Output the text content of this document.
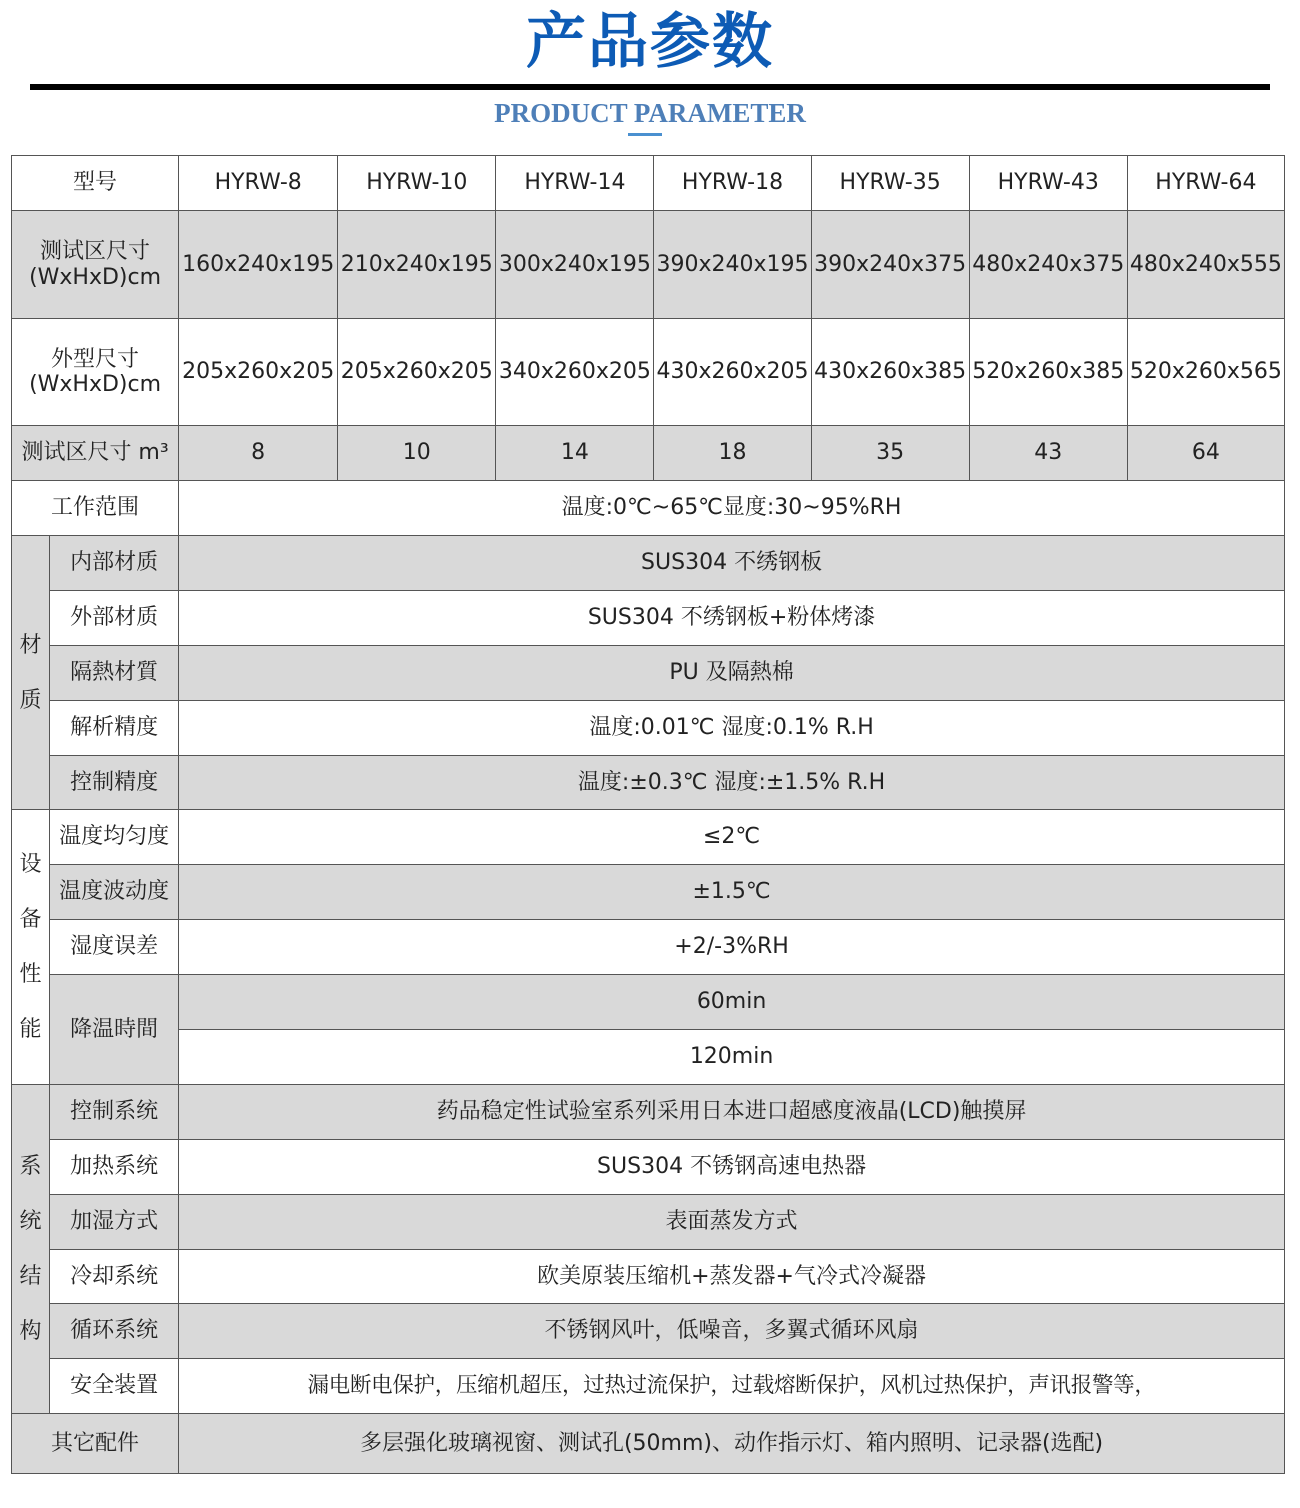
产品参数
PRODUCT PARAMETER
型号		HYRW-8	HYRW-10	HYRW-14	HYRW-18	HYRW-35	HYRW-43	HYRW-64

测试区尺寸
(WxHxD)cm		160x240x195	210x240x195	300x240x195	390x240x195	390x240x375	480x240x375	480x240x555

外型尺寸
(WxHxD)cm		205x260x205	205x260x205	340x260x205	430x260x205	430x260x385	520x260x385	520x260x565
测试区尺寸 m³		8	10	14	18	35	43	64
工作范围		温度:0℃~65℃显度:30~95%RH						

材
质	内部材质	SUS304 不绣钢板						
	外部材质	SUS304 不绣钢板+粉体烤漆						
	隔熱材質	PU 及隔熱棉						
	解析精度	温度:0.01℃ 湿度:0.1% R.H						
	控制精度	温度:±0.3℃ 湿度:±1.5% R.H						

设
备
性
能	温度均匀度	≤2℃						
	温度波动度	±1.5℃						
	湿度误差	+2/-3%RH						
	降温時間	60min						
		120min						

系
统
结
构	控制系统	药品稳定性试验室系列采用日本进口超感度液晶(LCD)触摸屏						
	加热系统	SUS304 不锈钢高速电热器						
	加湿方式	表面蒸发方式						
	冷却系统	欧美原装压缩机+蒸发器+气冷式冷凝器						
	循环系统	不锈钢风叶，低噪音，多翼式循环风扇						
	安全装置	漏电断电保护，压缩机超压，过热过流保护，过载熔断保护，风机过热保护，声讯报警等，						
其它配件		多层强化玻璃视窗、测试孔(50mm)、动作指示灯、箱内照明、记录器(选配)						
